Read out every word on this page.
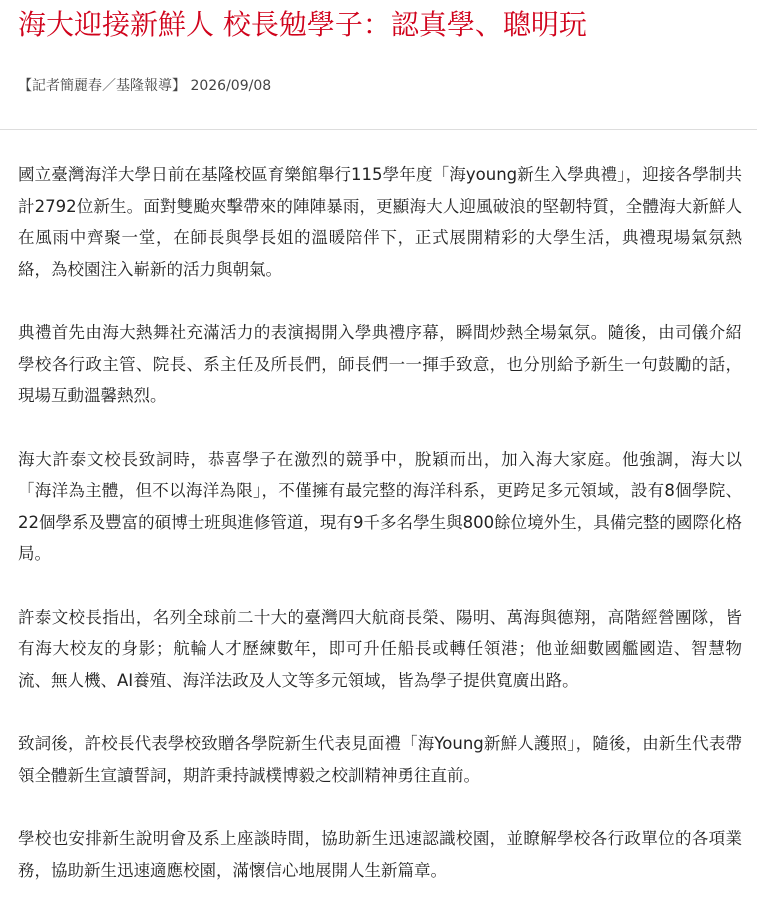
海大迎接新鮮人 校長勉學子：認真學、聰明玩
【記者簡麗春／基隆報導】 2026/09/08

國立臺灣海洋大學日前在基隆校區育樂館舉行115學年度「海young新生入學典禮」，迎接各學制共計2792位新生。面對雙颱夾擊帶來的陣陣暴雨，更顯海大人迎風破浪的堅韌特質，全體海大新鮮人在風雨中齊聚一堂，在師長與學長姐的溫暖陪伴下，正式展開精彩的大學生活，典禮現場氣氛熱絡，為校園注入嶄新的活力與朝氣。

典禮首先由海大熱舞社充滿活力的表演揭開入學典禮序幕，瞬間炒熱全場氣氛。隨後，由司儀介紹學校各行政主管、院長、系主任及所長們，師長們一一揮手致意，也分別給予新生一句鼓勵的話，現場互動溫馨熱烈。

海大許泰文校長致詞時，恭喜學子在激烈的競爭中，脫穎而出，加入海大家庭。他強調，海大以「海洋為主體，但不以海洋為限」，不僅擁有最完整的海洋科系，更跨足多元領域，設有8個學院、22個學系及豐富的碩博士班與進修管道，現有9千多名學生與800餘位境外生，具備完整的國際化格局。

許泰文校長指出，名列全球前二十大的臺灣四大航商長榮、陽明、萬海與德翔，高階經營團隊，皆有海大校友的身影；航輪人才歷練數年，即可升任船長或轉任領港；他並細數國艦國造、智慧物流、無人機、AI養殖、海洋法政及人文等多元領域，皆為學子提供寬廣出路。

致詞後，許校長代表學校致贈各學院新生代表見面禮「海Young新鮮人護照」，隨後，由新生代表帶領全體新生宣讀誓詞，期許秉持誠樸博毅之校訓精神勇往直前。

學校也安排新生說明會及系上座談時間，協助新生迅速認識校園，並瞭解學校各行政單位的各項業務，協助新生迅速適應校園，滿懷信心地展開人生新篇章。
